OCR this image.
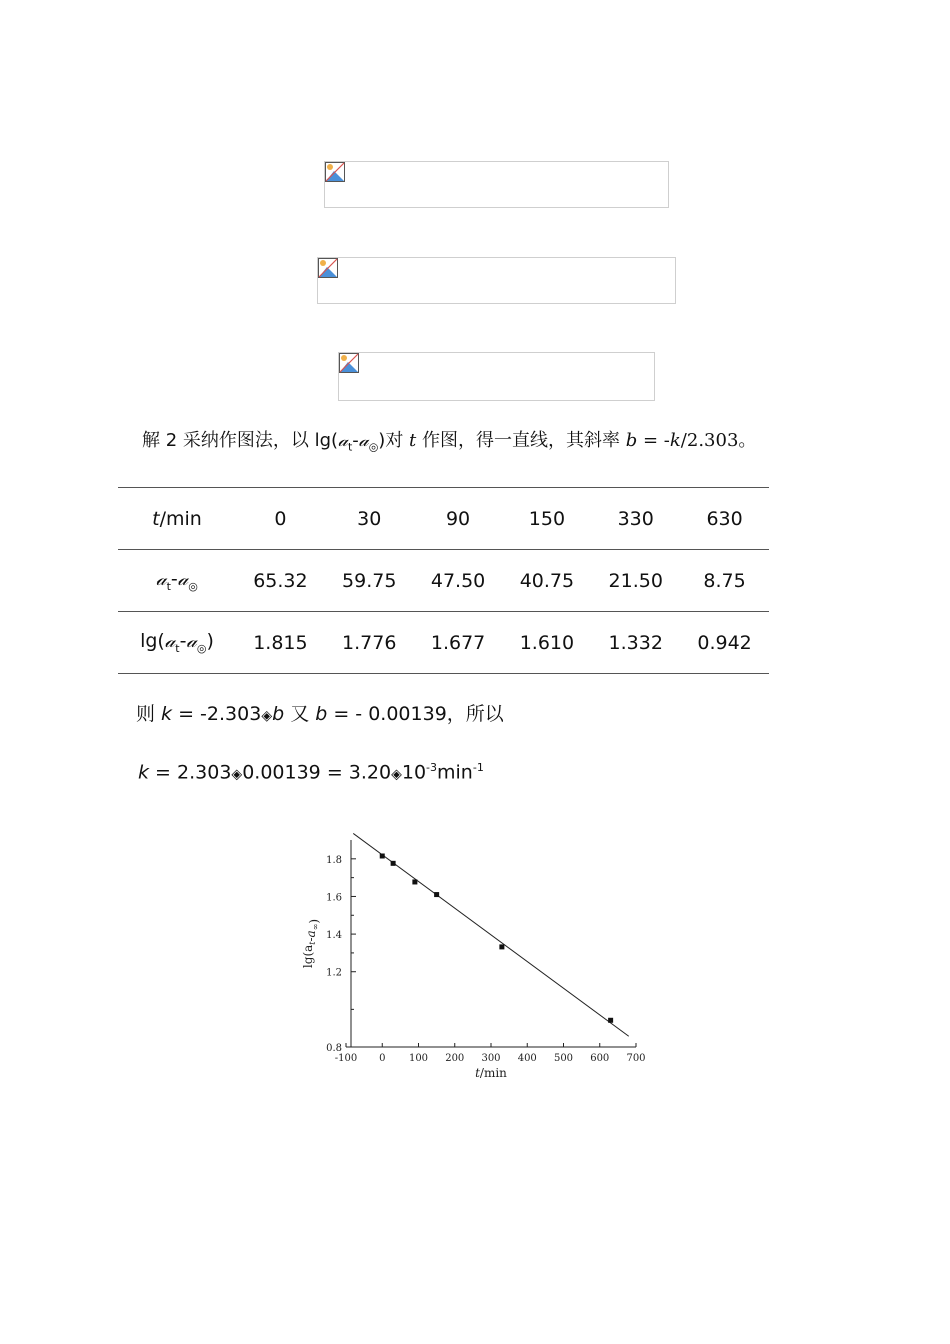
解 2 采纳作图法，以 lg(𝒶$_t$-𝒶$_◎$)对 t 作图，得一直线，其斜率 b = -k/2.303。
t/min	0	30	90	150	330	630
𝒶$_t$-𝒶$_◎$	65.32	59.75	47.50	40.75	21.50	8.75
lg(𝒶$_t$-𝒶$_◎$)	1.815	1.776	1.677	1.610	1.332	0.942
则 k = -2.303◈b 又 b = - 0.00139，所以
k = 2.303◈0.00139 = $3.20◈10^{-3}\min^{-1}$
-100 0 100 200 300 400 500 600 700
0.8
1.2
1.4
1.6
1.8
t/min
$\lg(a_t-a_\infty)$
